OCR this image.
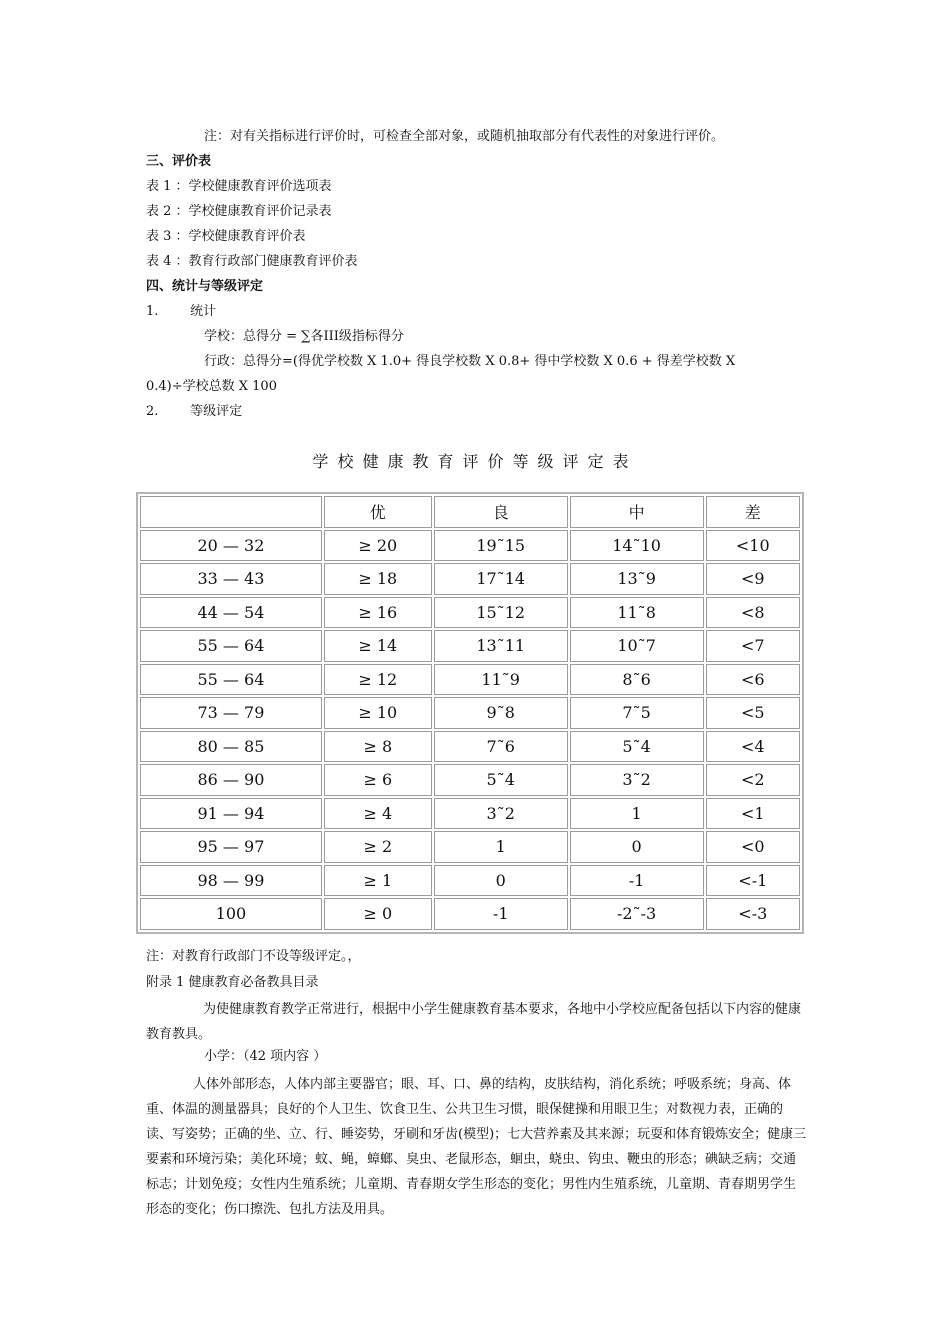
注：对有关指标进行评价时，可检查全部对象，或随机抽取部分有代表性的对象进行评价。
三、评价表
表 1 ：学校健康教育评价选项表
表 2 ：学校健康教育评价记录表
表 3 ：学校健康教育评价表
表 4 ：教育行政部门健康教育评价表
四、统计与等级评定
1. 统计
学校：总得分 = ∑各III级指标得分
行政：总得分=(得优学校数 X 1.0+ 得良学校数 X 0.8+ 得中学校数 X 0.6 + 得差学校数 X
0.4)÷学校总数 X 100
2. 等级评定
学校健康教育评价等级评定表
	优	良	中	差
20 — 32	≥ 20	19˜15	14˜10	<10
33 — 43	≥ 18	17˜14	13˜9	<9
44 — 54	≥ 16	15˜12	11˜8	<8
55 — 64	≥ 14	13˜11	10˜7	<7
55 — 64	≥ 12	11˜9	8˜6	<6
73 — 79	≥ 10	9˜8	7˜5	<5
80 — 85	≥ 8	7˜6	5˜4	<4
86 — 90	≥ 6	5˜4	3˜2	<2
91 — 94	≥ 4	3˜2	1	<1
95 — 97	≥ 2	1	0	<0
98 — 99	≥ 1	0	-1	<-1
100	≥ 0	-1	-2˜-3	<-3
注：对教育行政部门不设等级评定。，
附录 1 健康教育必备教具目录
为使健康教育教学正常进行，根据中小学生健康教育基本要求，各地中小学校应配备包括以下内容的健康教育教具。
小学：（42 项内容 ）
人体外部形态，人体内部主要器官；眼、耳、口、鼻的结构，皮肤结构，消化系统；呼吸系统；身高、体重、体温的测量器具；良好的个人卫生、饮食卫生、公共卫生习惯，眼保健操和用眼卫生；对数视力表，正确的读、写姿势；正确的坐、立、行、睡姿势，牙刷和牙齿(模型)；七大营养素及其来源；玩耍和体育锻炼安全；健康三要素和环境污染；美化环境；蚊、蝇，蟑螂、臭虫、老鼠形态，蛔虫，蛲虫、钩虫、鞭虫的形态；碘缺乏病；交通标志；计划免疫；女性内生殖系统；儿童期、青春期女学生形态的变化；男性内生殖系统，儿童期、青春期男学生形态的变化；伤口擦洗、包扎方法及用具。
